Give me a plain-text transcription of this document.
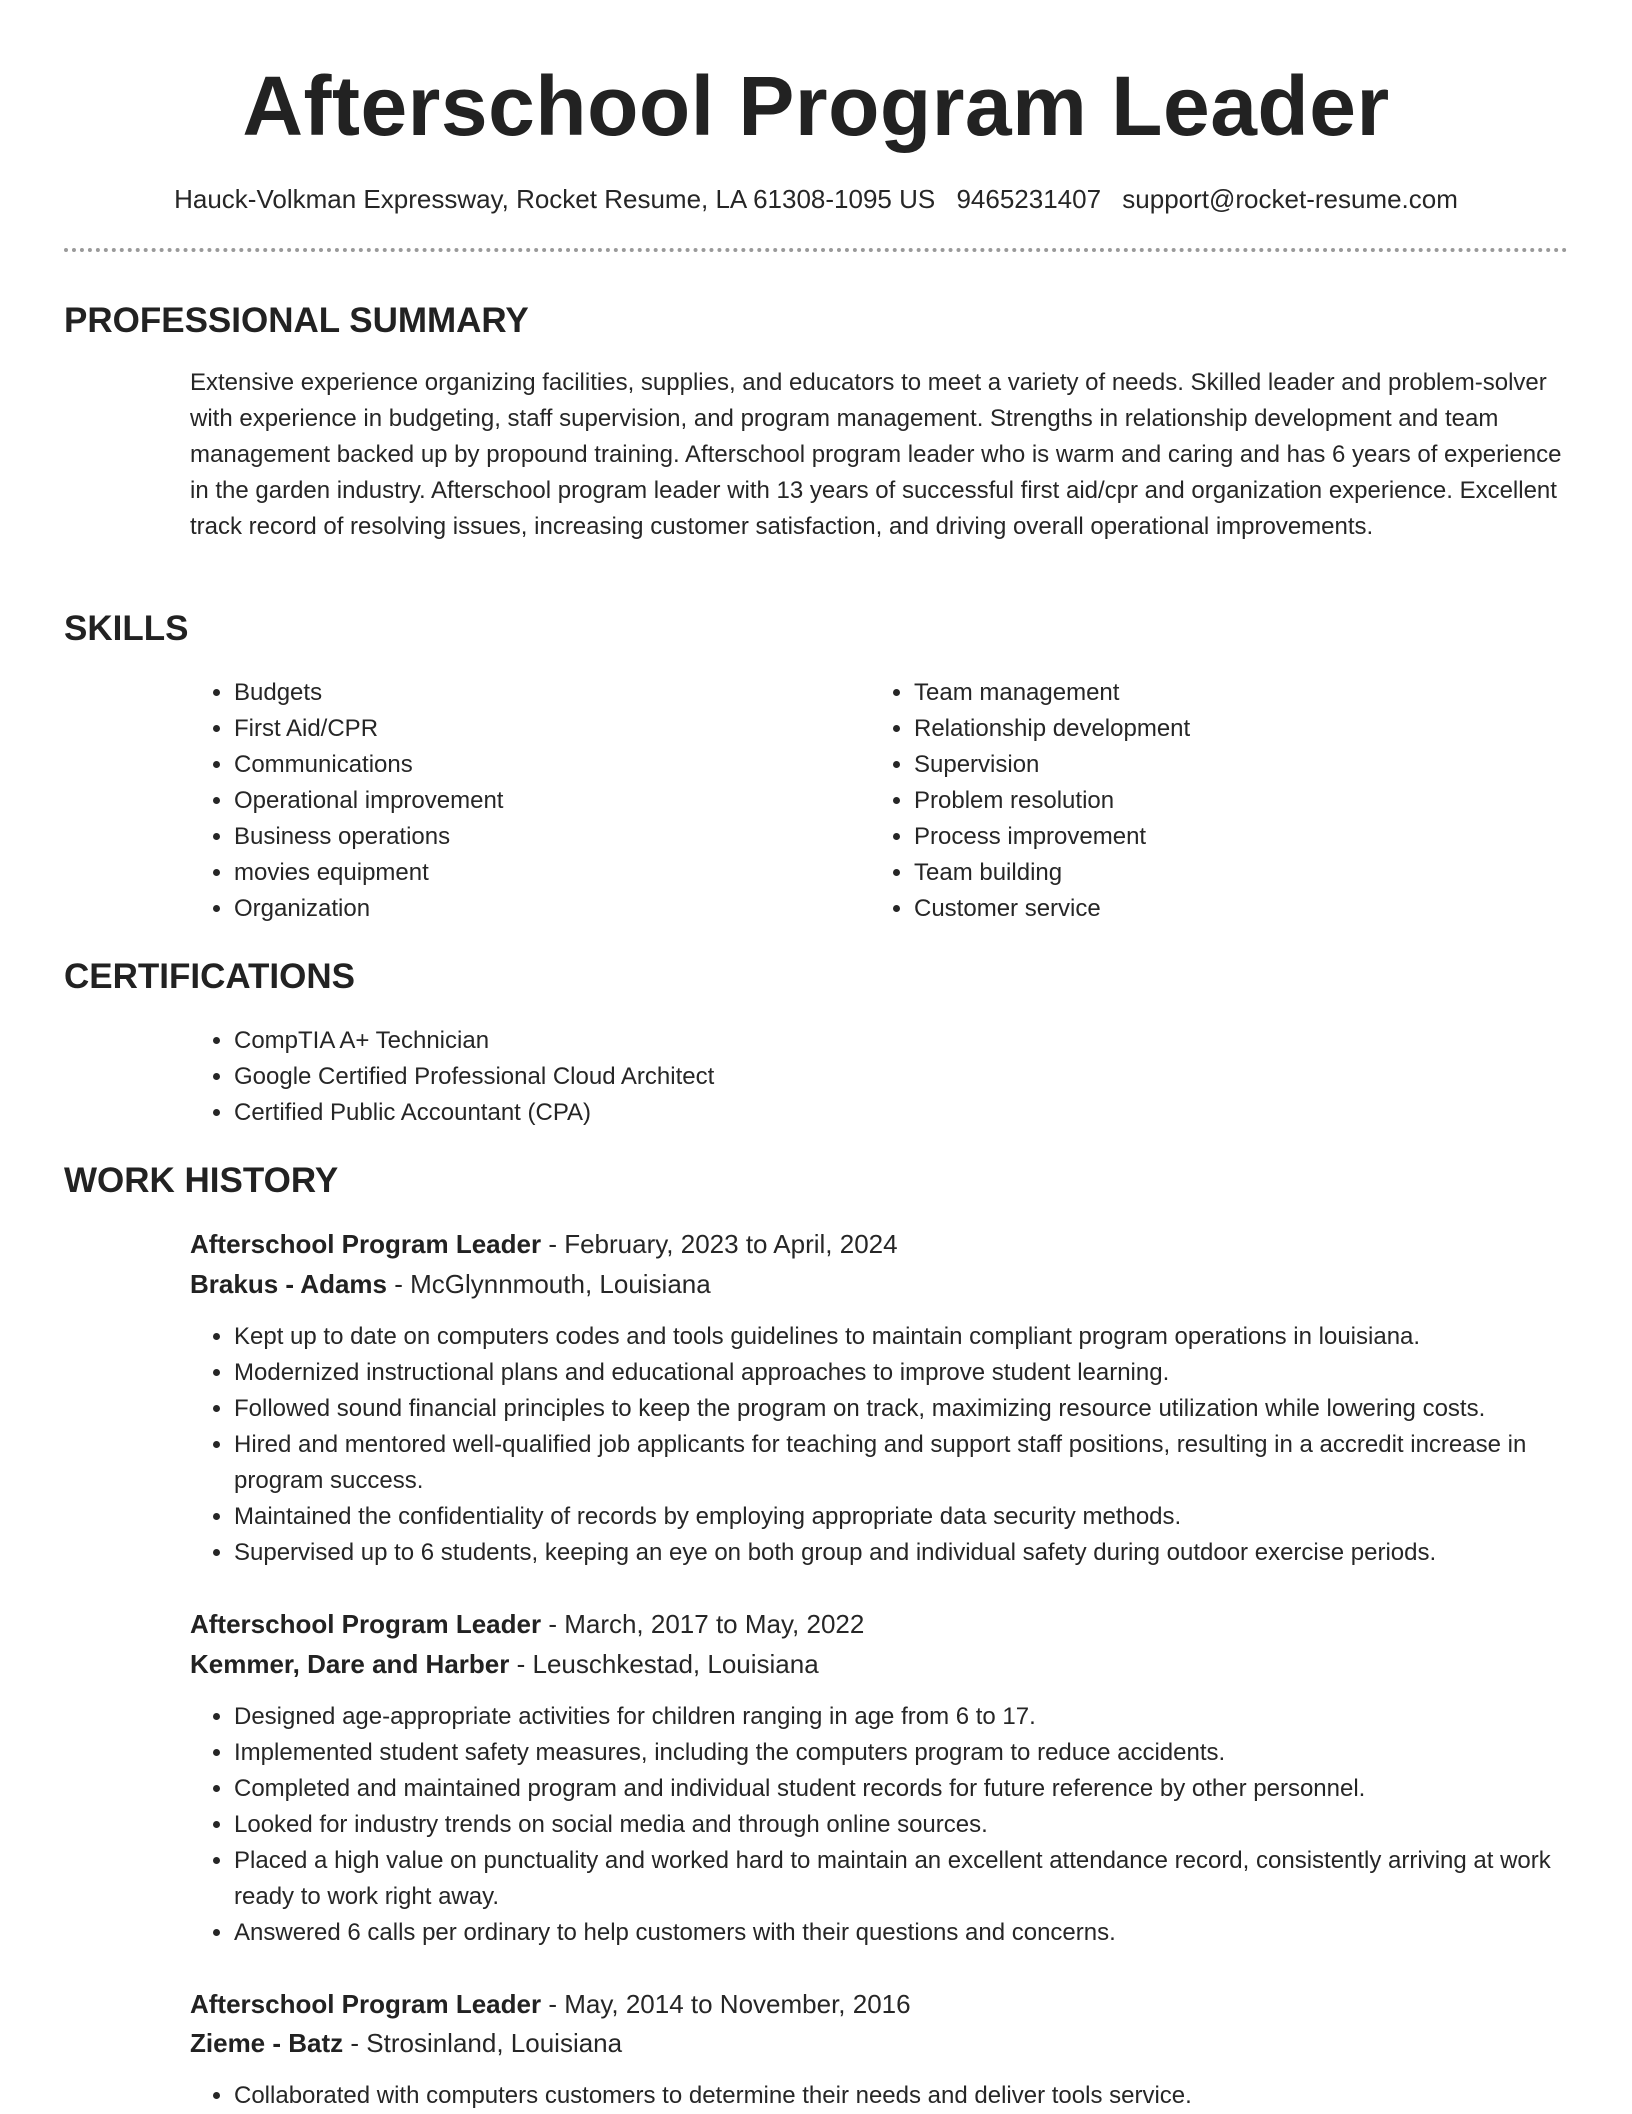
Afterschool Program Leader
Hauck-Volkman Expressway, Rocket Resume, LA 61308-1095 US 9465231407 support@rocket-resume.com
PROFESSIONAL SUMMARY

Extensive experience organizing facilities, supplies, and educators to meet a variety of needs. Skilled leader and problem-solver with experience in budgeting, staff supervision, and program management. Strengths in relationship development and team management backed up by propound training. Afterschool program leader who is warm and caring and has 6 years of experience in the garden industry. Afterschool program leader with 13 years of successful first aid/cpr and organization experience. Excellent track record of resolving issues, increasing customer satisfaction, and driving overall operational improvements.

SKILLS
• Budgets
• First Aid/CPR
• Communications
• Operational improvement
• Business operations
• movies equipment
• Organization
• Team management
• Relationship development
• Supervision
• Problem resolution
• Process improvement
• Team building
• Customer service
CERTIFICATIONS
• CompTIA A+ Technician
• Google Certified Professional Cloud Architect
• Certified Public Accountant (CPA)
WORK HISTORY
Afterschool Program Leader - February, 2023 to April, 2024
Brakus - Adams - McGlynnmouth, Louisiana
• Kept up to date on computers codes and tools guidelines to maintain compliant program operations in louisiana.
• Modernized instructional plans and educational approaches to improve student learning.
• Followed sound financial principles to keep the program on track, maximizing resource utilization while lowering costs.
• Hired and mentored well-qualified job applicants for teaching and support staff positions, resulting in a accredit increase in program success.
• Maintained the confidentiality of records by employing appropriate data security methods.
• Supervised up to 6 students, keeping an eye on both group and individual safety during outdoor exercise periods.
Afterschool Program Leader - March, 2017 to May, 2022
Kemmer, Dare and Harber - Leuschkestad, Louisiana
• Designed age-appropriate activities for children ranging in age from 6 to 17.
• Implemented student safety measures, including the computers program to reduce accidents.
• Completed and maintained program and individual student records for future reference by other personnel.
• Looked for industry trends on social media and through online sources.
• Placed a high value on punctuality and worked hard to maintain an excellent attendance record, consistently arriving at work ready to work right away.
• Answered 6 calls per ordinary to help customers with their questions and concerns.
Afterschool Program Leader - May, 2014 to November, 2016
Zieme - Batz - Strosinland, Louisiana
• Collaborated with computers customers to determine their needs and deliver tools service.
